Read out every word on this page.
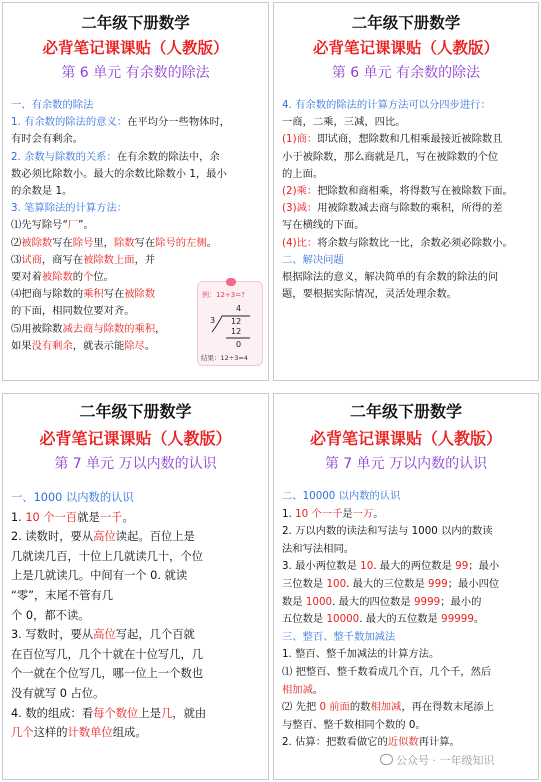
二年级下册数学
必背笔记课课贴（人教版）
第 6 单元 有余数的除法

一、有余数的除法

1. 有余数的除法的意义：在平均分一些物体时，

有时会有剩余。

2. 余数与除数的关系：在有余数的除法中，余

数必须比除数小。最大的余数比除数小 1，最小

的余数是 1。

3. 笔算除法的计算方法：

⑴先写除号“厂”。

⑵被除数写在除号里，除数写在除号的左侧。

⑶试商，商写在被除数上面，并

要对着被除数的个位。

⑷把商与除数的乘积写在被除数

的下面，相同数位要对齐。

⑸用被除数减去商与除数的乘积，

如果没有剩余，就表示能除尽。

例：12÷3=?
4
3 12
12
0
结果：12÷3=4
二年级下册数学
必背笔记课课贴（人教版）
第 6 单元 有余数的除法

4. 有余数的除法的计算方法可以分四步进行：

一商，二乘，三减，四比。

(1)商：即试商，想除数和几相乘最接近被除数且

小于被除数，那么商就是几，写在被除数的个位

的上面。

(2)乘：把除数和商相乘，将得数写在被除数下面。

(3)减：用被除数减去商与除数的乘积，所得的差

写在横线的下面。

(4)比：将余数与除数比一比，余数必须必除数小。

二、解决问题

根据除法的意义，解决简单的有余数的除法的问

题，要根据实际情况，灵活处理余数。

二年级下册数学
必背笔记课课贴（人教版）
第 7 单元 万以内数的认识

一、1000 以内数的认识

1. 10 个一百就是一千。

2. 读数时，要从高位读起。百位上是

几就读几百，十位上几就读几十，个位

上是几就读几。中间有一个 0. 就读

“零”，末尾不管有几

个 0，都不读。

3. 写数时，要从高位写起，几个百就

在百位写几，几个十就在十位写几，几

个一就在个位写几，哪一位上一个数也

没有就写 0 占位。

4. 数的组成：看每个数位上是几，就由

几个这样的计数单位组成。

二年级下册数学
必背笔记课课贴（人教版）
第 7 单元 万以内数的认识

二、10000 以内数的认识

1. 10 个一千是一万。

2. 万以内数的读法和写法与 1000 以内的数读

法和写法相同。

3. 最小两位数是 10. 最大的两位数是 99；最小

三位数是 100. 最大的三位数是 999；最小四位

数是 1000. 最大的四位数是 9999；最小的

五位数是 10000. 最大的五位数是 99999。

三、整百、整千数加减法

1. 整百、整千加减法的计算方法。

⑴ 把整百、整千数看成几个百，几个千，然后

相加减。

⑵ 先把 0 前面的数相加减，再在得数末尾添上

与整百、整千数相同个数的 0。

2. 估算：把数看做它的近似数再计算。

公众号 · 一年级知识
